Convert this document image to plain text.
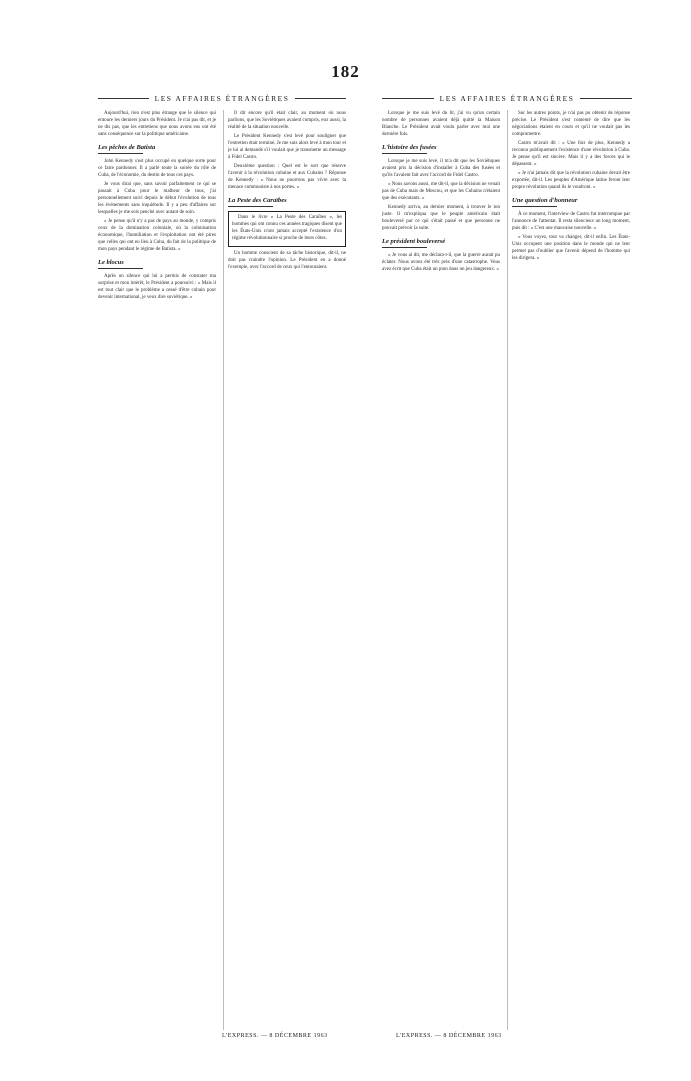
182
LES AFFAIRES ÉTRANGÈRES	LES AFFAIRES ÉTRANGÈRES

Aujourd'hui, rien n'est plus étrange que le silence qui entoure les derniers jours du Président. Je n'ai pas dit, et je ne dis pas, que les entretiens que nous avons eus ont été sans conséquence sur la politique américaine.

Les pêches de Batista

John Kennedy s'est plus occupé en quelque sorte pour ce faire pardonner. Il a parlé toute la soirée du rôle de Cuba, de l'économie, du destin de tous ces pays.

Je vous dirai que, sans savoir parfaitement ce qui se passait à Cuba pour le malheur de tous, j'ai personnellement suivi depuis le début l'évolution de tous les événements sans inquiétude. Il y a peu d'affaires sur lesquelles je me sois penché avec autant de soin.

« Je pense qu'il n'y a pas de pays au monde, y compris ceux de la domination coloniale, où la colonisation économique, l'humiliation et l'exploitation ont été pires que celles qui ont eu lieu à Cuba, du fait de la politique de mon pays pendant le régime de Batista. »

Le blocus

Après un silence qui lui a permis de constater ma surprise et mon intérêt, le Président a poursuivi : « Mais il est tout clair que le problème a cessé d'être cubain pour devenir international, je veux dire soviétique. »

Il dit encore qu'il était clair, au moment où nous parlions, que les Soviétiques avaient compris, eux aussi, la réalité de la situation nouvelle.

Le Président Kennedy s'est levé pour souligner que l'entretien était terminé. Je me suis alors levé à mon tour et je lui ai demandé s'il voulait que je transmette un message à Fidel Castro.

Deuxième question : Quel est le sort que réserve l'avenir à la révolution cubaine et aux Cubains ? Réponse de Kennedy : « Nous ne pourrons pas vivre avec la menace communiste à nos portes. »

La Peste des Caraïbes

Dans le livre « La Peste des Caraïbes », les hommes qui ont connu ces années tragiques disent que les États-Unis n'ont jamais accepté l'existence d'un régime révolutionnaire si proche de leurs côtes.

Un homme conscient de sa tâche historique, dit-il, ne doit pas craindre l'opinion. Le Président en a donné l'exemple, avec l'accord de ceux qui l'entouraient.

Lorsque je me suis levé du lit, j'ai vu qu'un certain nombre de personnes avaient déjà quitté la Maison Blanche. Le Président avait voulu parler avec moi une dernière fois.

L'histoire des fusées

Lorsque je me suis levé, il m'a dit que les Soviétiques avaient pris la décision d'installer à Cuba des fusées et qu'ils l'avaient fait avec l'accord de Fidel Castro.

« Nous savons aussi, me dit-il, que la décision ne venait pas de Cuba mais de Moscou, et que les Cubains n'étaient que des exécutants. »

Kennedy arriva, au dernier moment, à trouver le ton juste. Il m'expliqua que le peuple américain était bouleversé par ce qui s'était passé et que personne ne pouvait prévoir la suite.

Le président bouleversé

« Je vous ai dit, me déclara-t-il, que la guerre aurait pu éclater. Nous avons été très près d'une catastrophe. Vous avez écrit que Cuba était un pion dans un jeu dangereux. »

Sur les autres points, je n'ai pas pu obtenir de réponse précise. Le Président s'est contenté de dire que les négociations étaient en cours et qu'il ne voulait pas les compromettre.

Castro m'avait dit : « Une fois de plus, Kennedy a reconnu publiquement l'existence d'une révolution à Cuba. Je pense qu'il est sincère. Mais il y a des forces qui le dépassent. »

« Je n'ai jamais dit que la révolution cubaine devait être exportée, dit-il. Les peuples d'Amérique latine feront leur propre révolution quand ils le voudront. »

Une question d'honneur

À ce moment, l'interview de Castro fut interrompue par l'annonce de l'attentat. Il resta silencieux un long moment, puis dit : « C'est une mauvaise nouvelle. »

« Vous voyez, tout va changer, dit-il enfin. Les États-Unis occupent une position dans le monde qui ne leur permet pas d'oublier que l'avenir dépend de l'homme qui les dirigera. »

L'EXPRESS. — 8 DÉCEMBRE 1963	L'EXPRESS. — 8 DÉCEMBRE 1963
